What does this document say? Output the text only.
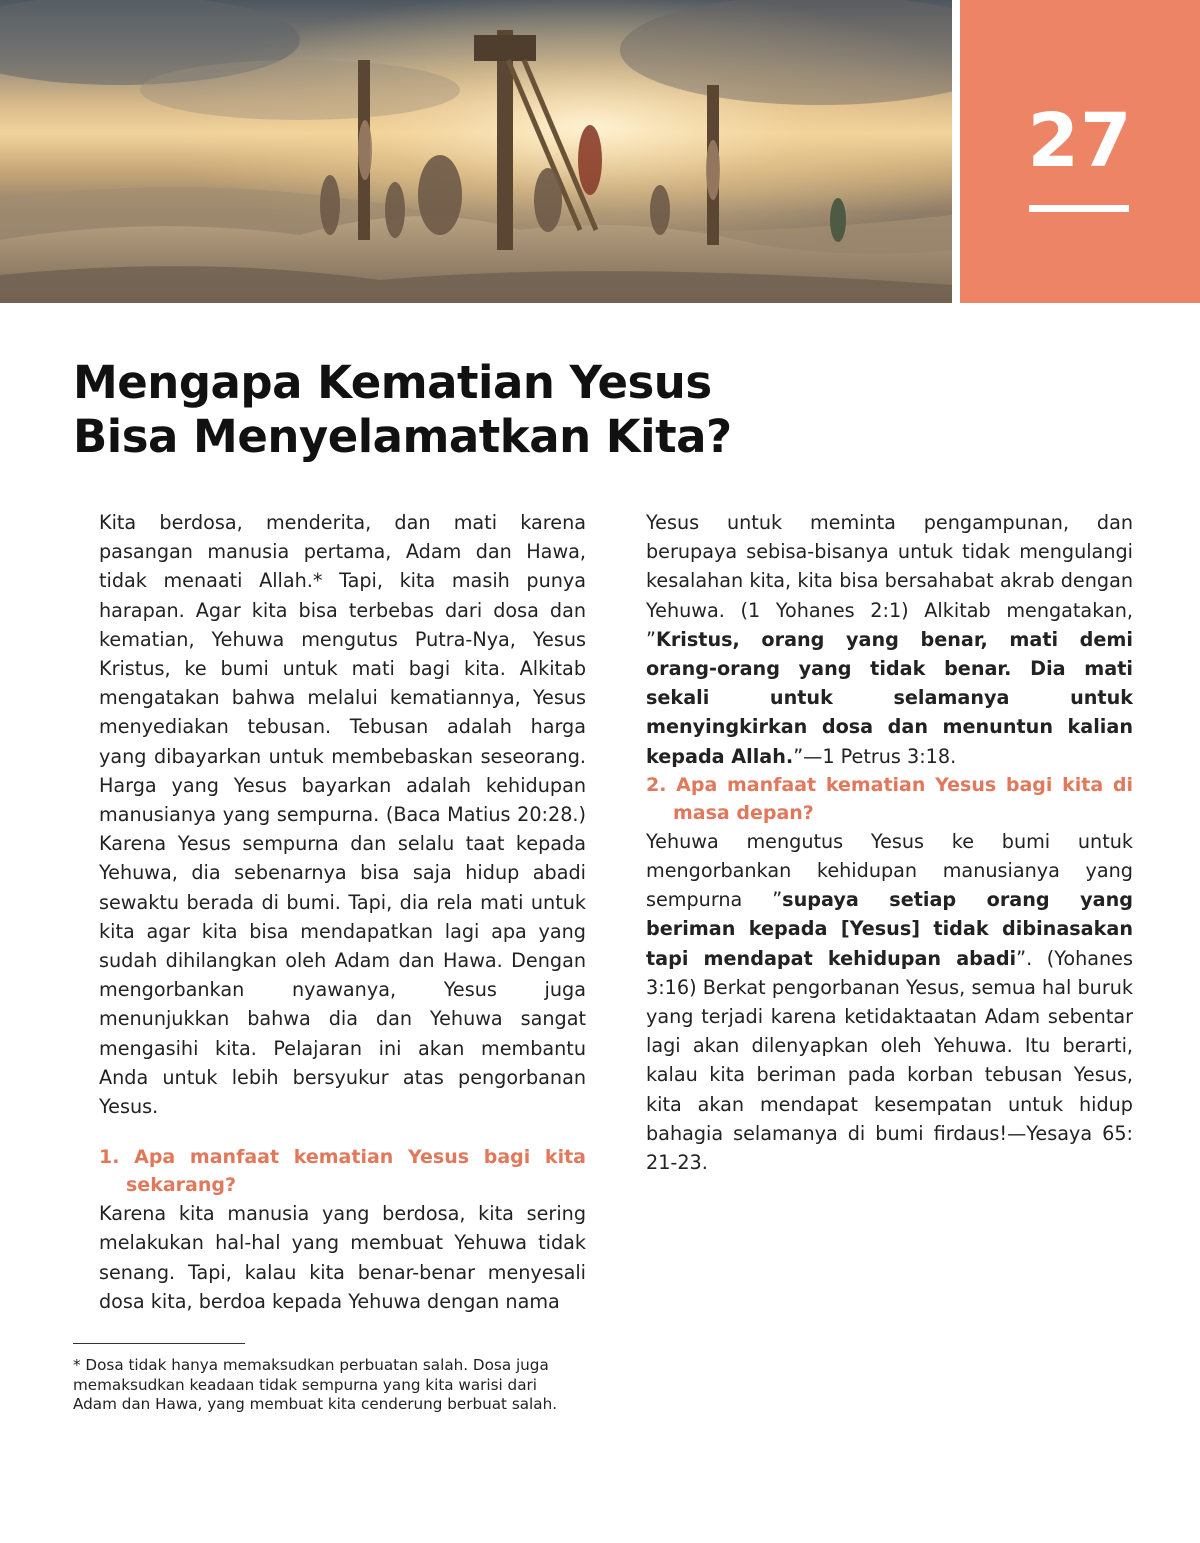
27
Mengapa Kematian Yesus
Bisa Menyelamatkan Kita?

Kita berdosa, menderita, dan mati karena pasangan manusia pertama, Adam dan Hawa, tidak menaati Allah.* Tapi, kita masih punya harapan. Agar kita bisa terbebas dari dosa dan kematian, Yehuwa mengutus Putra-Nya, Yesus Kristus, ke bumi untuk mati bagi kita. Alkitab mengatakan bahwa melalui kematiannya, Yesus menyediakan tebusan. Tebusan adalah harga yang dibayarkan untuk membebaskan seseorang. Harga yang Yesus bayarkan adalah kehidupan manusianya yang sempurna. (Baca Matius 20:28.) Karena Yesus sempurna dan selalu taat kepada Yehuwa, dia sebenarnya bisa saja hidup abadi sewaktu berada di bumi. Tapi, dia rela mati untuk kita agar kita bisa mendapatkan lagi apa yang sudah dihilangkan oleh Adam dan Hawa. Dengan mengorbankan nyawanya, Yesus juga menunjukkan bahwa dia dan Yehuwa sangat mengasihi kita. Pelajaran ini akan membantu Anda untuk lebih bersyukur atas pengorbanan Yesus.

1. Apa manfaat kematian Yesus bagi kita sekarang?

Karena kita manusia yang berdosa, kita sering melakukan hal-hal yang membuat Yehuwa tidak senang. Tapi, kalau kita benar-benar menyesali dosa kita, berdoa kepada Yehuwa dengan nama

Yesus untuk meminta pengampunan, dan berupaya sebisa-bisanya untuk tidak mengulangi kesalahan kita, kita bisa bersahabat akrab dengan Yehuwa. (1 Yohanes 2:1) Alkitab mengatakan, ”Kristus, orang yang benar, mati demi orang-orang yang tidak benar. Dia mati sekali untuk selamanya untuk menyingkirkan dosa dan menuntun kalian kepada Allah.”—1 Petrus 3:18.

2. Apa manfaat kematian Yesus bagi kita di masa depan?

Yehuwa mengutus Yesus ke bumi untuk mengorbankan kehidupan manusianya yang sempurna ”supaya setiap orang yang beriman kepada [Yesus] tidak dibinasakan tapi mendapat kehidupan abadi”. (Yohanes 3:16) Berkat pengorbanan Yesus, semua hal buruk yang terjadi karena ketidaktaatan Adam sebentar lagi akan dilenyapkan oleh Yehuwa. Itu berarti, kalau kita beriman pada korban tebusan Yesus, kita akan mendapat kesempatan untuk hidup bahagia selamanya di bumi firdaus!—Yesaya 65: 21-23.

* Dosa tidak hanya memaksudkan perbuatan salah. Dosa juga
memaksudkan keadaan tidak sempurna yang kita warisi dari
Adam dan Hawa, yang membuat kita cenderung berbuat salah.
